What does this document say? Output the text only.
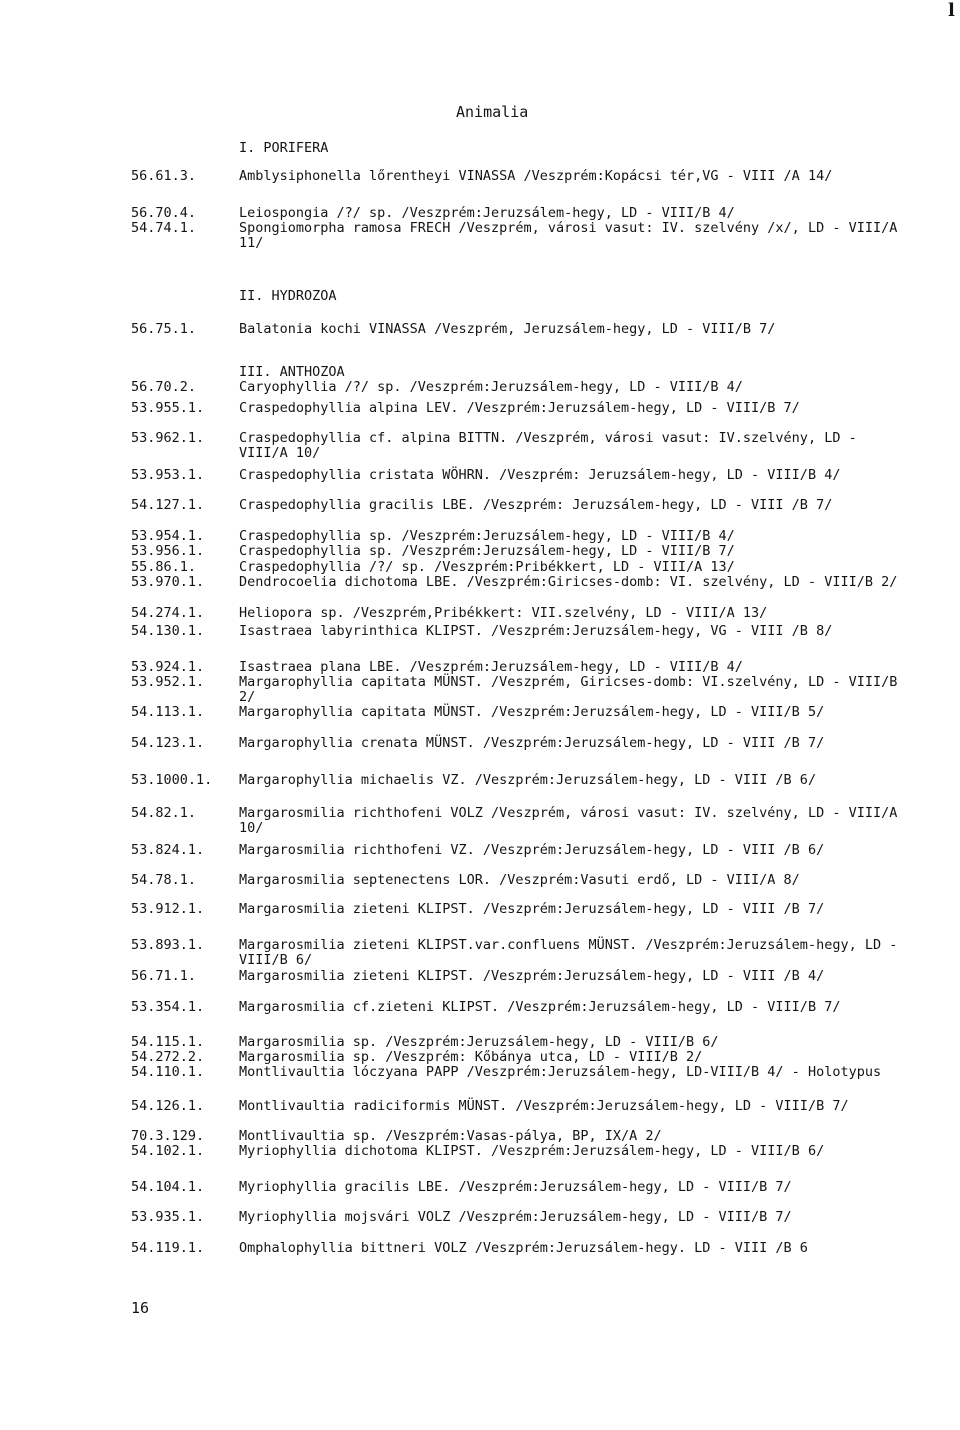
l
Animalia
I. PORIFERA
56.61.3.	Amblysiphonella lőrentheyi VINASSA /Veszprém:Kopácsi tér,VG - VIII /A 14/
56.70.4.	Leiospongia /?/ sp. /Veszprém:Jeruzsálem-hegy, LD - VIII/B 4/
54.74.1.	Spongiomorpha ramosa FRECH /Veszprém, városi vasut: IV. szelvény /x/, LD - VIII/A 11/
II. HYDROZOA
56.75.1.	Balatonia kochi VINASSA /Veszprém, Jeruzsálem-hegy, LD - VIII/B 7/
III. ANTHOZOA
56.70.2.	Caryophyllia /?/ sp. /Veszprém:Jeruzsálem-hegy, LD - VIII/B 4/
53.955.1.	Craspedophyllia alpina LEV. /Veszprém:Jeruzsálem-hegy, LD - VIII/B 7/
53.962.1.	Craspedophyllia cf. alpina BITTN. /Veszprém, városi vasut: IV.szelvény, LD - VIII/A 10/
53.953.1.	Craspedophyllia cristata WÖHRN. /Veszprém: Jeruzsálem-hegy, LD - VIII/B 4/
54.127.1.	Craspedophyllia gracilis LBE. /Veszprém: Jeruzsálem-hegy, LD - VIII /B 7/
53.954.1.	Craspedophyllia sp. /Veszprém:Jeruzsálem-hegy, LD - VIII/B 4/
53.956.1.	Craspedophyllia sp. /Veszprém:Jeruzsálem-hegy, LD - VIII/B 7/
55.86.1.	Craspedophyllia /?/ sp. /Veszprém:Pribékkert, LD - VIII/A 13/
53.970.1.	Dendrocoelia dichotoma LBE. /Veszprém:Giricses-domb: VI. szelvény, LD - VIII/B 2/
54.274.1.	Heliopora sp. /Veszprém,Pribékkert: VII.szelvény, LD - VIII/A 13/
54.130.1.	Isastraea labyrinthica KLIPST. /Veszprém:Jeruzsálem-hegy, VG - VIII /B 8/
53.924.1.	Isastraea plana LBE. /Veszprém:Jeruzsálem-hegy, LD - VIII/B 4/
53.952.1.	Margarophyllia capitata MÜNST. /Veszprém, Giricses-domb: VI.szelvény, LD - VIII/B 2/
54.113.1.	Margarophyllia capitata MÜNST. /Veszprém:Jeruzsálem-hegy, LD - VIII/B 5/
54.123.1.	Margarophyllia crenata MÜNST. /Veszprém:Jeruzsálem-hegy, LD - VIII /B 7/
53.1000.1.	Margarophyllia michaelis VZ. /Veszprém:Jeruzsálem-hegy, LD - VIII /B 6/
54.82.1.	Margarosmilia richthofeni VOLZ /Veszprém, városi vasut: IV. szelvény, LD - VIII/A 10/
53.824.1.	Margarosmilia richthofeni VZ. /Veszprém:Jeruzsálem-hegy, LD - VIII /B 6/
54.78.1.	Margarosmilia septenectens LOR. /Veszprém:Vasuti erdő, LD - VIII/A 8/
53.912.1.	Margarosmilia zieteni KLIPST. /Veszprém:Jeruzsálem-hegy, LD - VIII /B 7/
53.893.1.	Margarosmilia zieteni KLIPST.var.confluens MÜNST. /Veszprém:Jeruzsálem-hegy, LD - VIII/B 6/
56.71.1.	Margarosmilia zieteni KLIPST. /Veszprém:Jeruzsálem-hegy, LD - VIII /B 4/
53.354.1.	Margarosmilia cf.zieteni KLIPST. /Veszprém:Jeruzsálem-hegy, LD - VIII/B 7/
54.115.1.	Margarosmilia sp. /Veszprém:Jeruzsálem-hegy, LD - VIII/B 6/
54.272.2.	Margarosmilia sp. /Veszprém: Kőbánya utca, LD - VIII/B 2/
54.110.1.	Montlivaultia lóczyana PAPP /Veszprém:Jeruzsálem-hegy, LD-VIII/B 4/ - Holotypus
54.126.1.	Montlivaultia radiciformis MÜNST. /Veszprém:Jeruzsálem-hegy, LD - VIII/B 7/
70.3.129.	Montlivaultia sp. /Veszprém:Vasas-pálya, BP, IX/A 2/
54.102.1.	Myriophyllia dichotoma KLIPST. /Veszprém:Jeruzsálem-hegy, LD - VIII/B 6/
54.104.1.	Myriophyllia gracilis LBE. /Veszprém:Jeruzsálem-hegy, LD - VIII/B 7/
53.935.1.	Myriophyllia mojsvári VOLZ /Veszprém:Jeruzsálem-hegy, LD - VIII/B 7/
54.119.1.	Omphalophyllia bittneri VOLZ /Veszprém:Jeruzsálem-hegy. LD - VIII /B 6
16
